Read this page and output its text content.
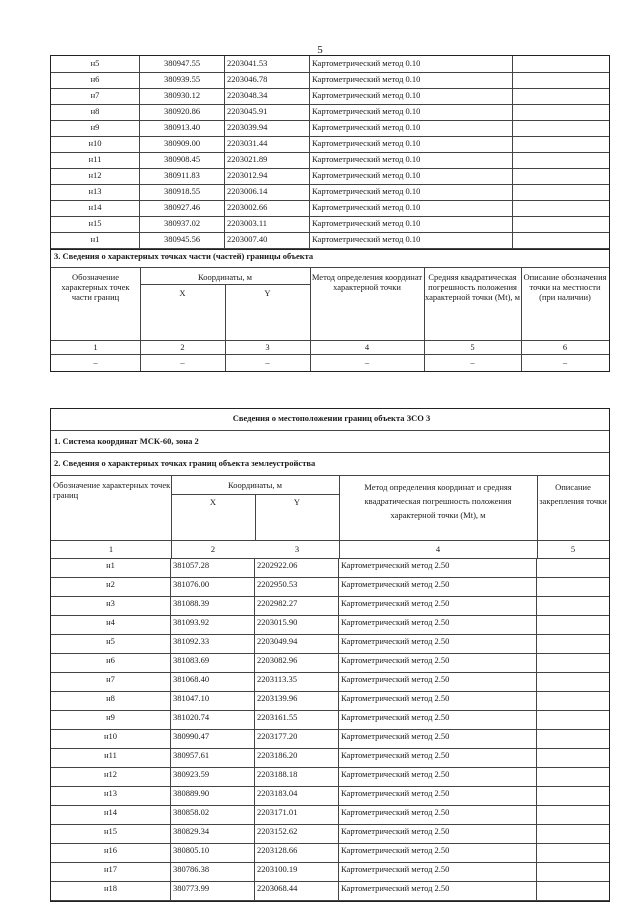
5
н5	380947.55	2203041.53	Картометрический метод 0.10
н6	380939.55	2203046.78	Картометрический метод 0.10
н7	380930.12	2203048.34	Картометрический метод 0.10
н8	380920.86	2203045.91	Картометрический метод 0.10
н9	380913.40	2203039.94	Картометрический метод 0.10
н10	380909.00	2203031.44	Картометрический метод 0.10
н11	380908.45	2203021.89	Картометрический метод 0.10
н12	380911.83	2203012.94	Картометрический метод 0.10
н13	380918.55	2203006.14	Картометрический метод 0.10
н14	380927.46	2203002.66	Картометрический метод 0.10
н15	380937.02	2203003.11	Картометрический метод 0.10
н1	380945.56	2203007.40	Картометрический метод 0.10
3. Сведения о характерных точках части (частей) границы объекта
Обозначение характерных точек части границ
Координаты, м
X	Y
Метод определения координат характерной точки
Средняя квадратическая погрешность положения характерной точки (Мt), м
Описание обозначения точки на местности (при наличии)
1	2	3	4	5	6
–	–	–	–	–	–
Сведения о местоположении границ объекта ЗСО 3
1. Система координат МСК-60, зона 2
2. Сведения о характерных точках границ объекта землеустройства
Обозначение характерных точек границ
Координаты, м
X	Y
Метод определения координат и средняя квадратическая погрешность положения характерной точки (Мt), м
Описание закрепления точки
1	2	3	4	5
н1	381057.28	2202922.06	Картометрический метод 2.50
н2	381076.00	2202950.53	Картометрический метод 2.50
н3	381088.39	2202982.27	Картометрический метод 2.50
н4	381093.92	2203015.90	Картометрический метод 2.50
н5	381092.33	2203049.94	Картометрический метод 2.50
н6	381083.69	2203082.96	Картометрический метод 2.50
н7	381068.40	2203113.35	Картометрический метод 2.50
н8	381047.10	2203139.96	Картометрический метод 2.50
н9	381020.74	2203161.55	Картометрический метод 2.50
н10	380990.47	2203177.20	Картометрический метод 2.50
н11	380957.61	2203186.20	Картометрический метод 2.50
н12	380923.59	2203188.18	Картометрический метод 2.50
н13	380889.90	2203183.04	Картометрический метод 2.50
н14	380858.02	2203171.01	Картометрический метод 2.50
н15	380829.34	2203152.62	Картометрический метод 2.50
н16	380805.10	2203128.66	Картометрический метод 2.50
н17	380786.38	2203100.19	Картометрический метод 2.50
н18	380773.99	2203068.44	Картометрический метод 2.50
